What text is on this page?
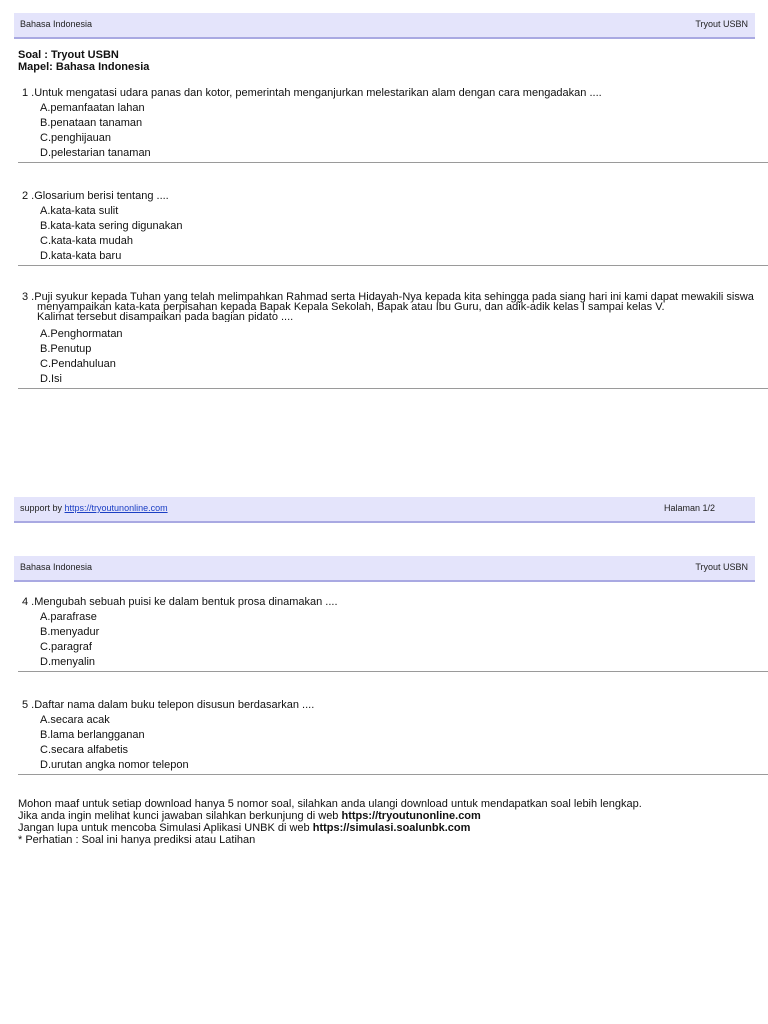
Bahasa Indonesia	Tryout USBN
Soal : Tryout USBN
Mapel: Bahasa Indonesia
1 .Untuk mengatasi udara panas dan kotor, pemerintah menganjurkan melestarikan alam dengan cara mengadakan ....
A.pemanfaatan lahan
B.penataan tanaman
C.penghijauan
D.pelestarian tanaman
2 .Glosarium berisi tentang ....
A.kata-kata sulit
B.kata-kata sering digunakan
C.kata-kata mudah
D.kata-kata baru
3 .Puji syukur kepada Tuhan yang telah melimpahkan Rahmad serta Hidayah-Nya kepada kita sehingga pada siang hari ini kami dapat mewakili siswa
menyampaikan kata-kata perpisahan kepada Bapak Kepala Sekolah, Bapak atau Ibu Guru, dan adik-adik kelas I sampai kelas V.
Kalimat tersebut disampaikan pada bagian pidato ....
A.Penghormatan
B.Penutup
C.Pendahuluan
D.Isi
support by https://tryoutunonline.com	Halaman 1/2
Bahasa Indonesia	Tryout USBN
4 .Mengubah sebuah puisi ke dalam bentuk prosa dinamakan ....
A.parafrase
B.menyadur
C.paragraf
D.menyalin
5 .Daftar nama dalam buku telepon disusun berdasarkan ....
A.secara acak
B.lama berlangganan
C.secara alfabetis
D.urutan angka nomor telepon
Mohon maaf untuk setiap download hanya 5 nomor soal, silahkan anda ulangi download untuk mendapatkan soal lebih lengkap.
Jika anda ingin melihat kunci jawaban silahkan berkunjung di web https://tryoutunonline.com
Jangan lupa untuk mencoba Simulasi Aplikasi UNBK di web https://simulasi.soalunbk.com
* Perhatian : Soal ini hanya prediksi atau Latihan
